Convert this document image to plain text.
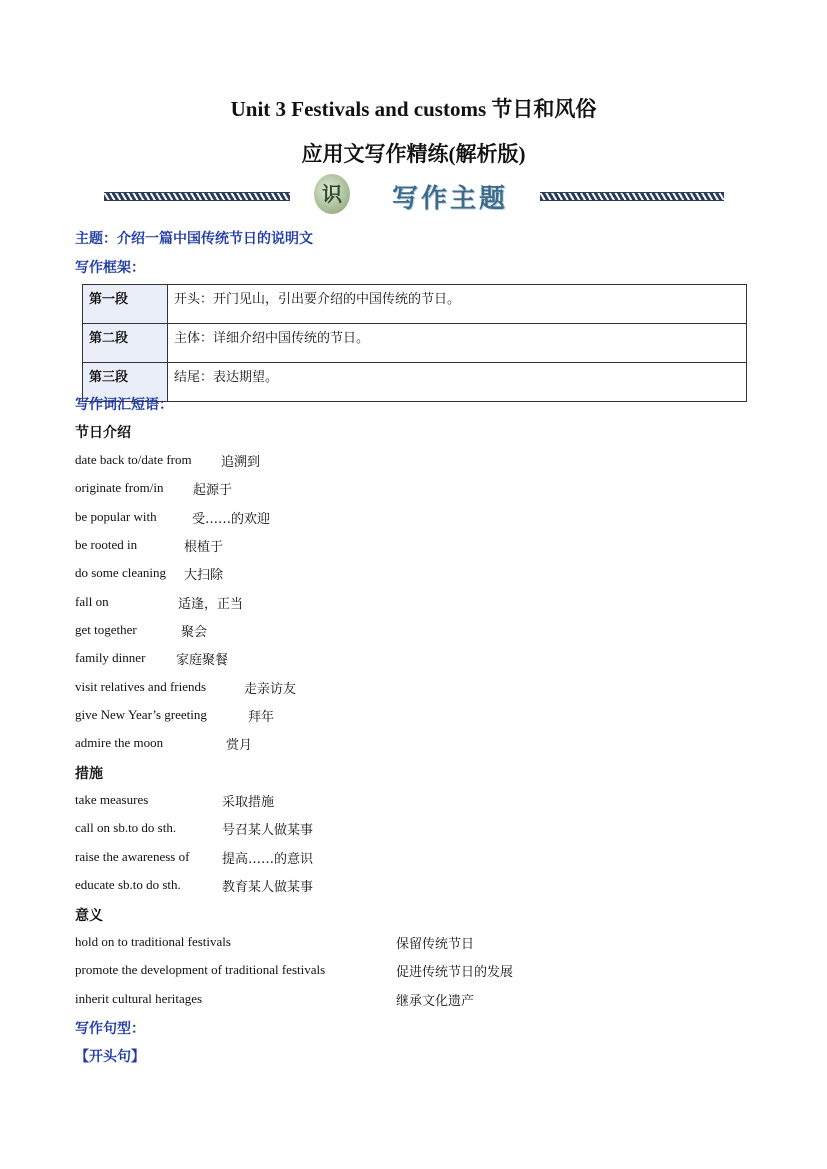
Unit 3 Festivals and customs 节日和风俗
应用文写作精练(解析版)
识	写作主题
主题：介绍一篇中国传统节日的说明文
写作框架：
第一段	开头：开门见山，引出要介绍的中国传统的节日。
第二段	主体：详细介绍中国传统的节日。
第三段	结尾：表达期望。
写作词汇短语：
节日介绍
date back to/date from 追溯到
originate from/in 起源于
be popular with	受……的欢迎
be rooted in	根植于
do some cleaning 大扫除
fall on	适逢，正当
get together	聚会
family dinner 家庭聚餐
visit relatives and friends	走亲访友
give New Year’s greeting	拜年
admire the moon	赏月
措施
take measures	采取措施
call on sb.to do sth.	号召某人做某事
raise the awareness of	提高……的意识
educate sb.to do sth.	教育某人做某事
意义
hold on to traditional festivals	保留传统节日
promote the development of traditional festivals	促进传统节日的发展
inherit cultural heritages	继承文化遗产
写作句型：
【开头句】
